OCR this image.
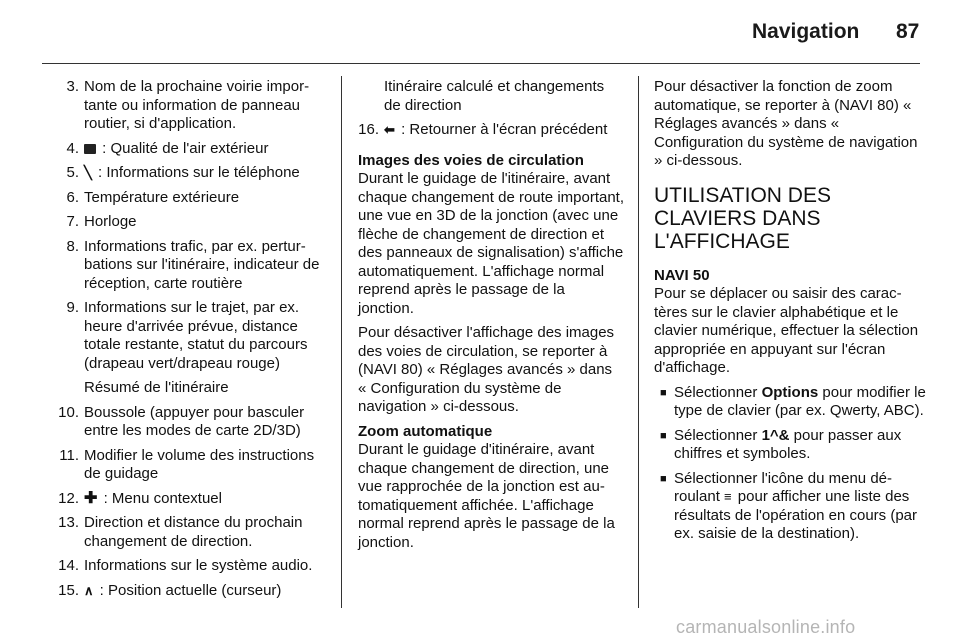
Navigation 87
3. Nom de la prochaine voirie importante ou information de panneau routier, si d'application.
4.	: Qualité de l'air extérieur
5. ╲ : Informations sur le téléphone
6. Température extérieure
7. Horloge
8. Informations trafic, par ex. perturbations sur l'itinéraire, indicateur de réception, carte routière
9. Informations sur le trajet, par ex. heure d'arrivée prévue, distance totale restante, statut du parcours (drapeau vert/drapeau rouge)
Résumé de l'itinéraire
10. Boussole (appuyer pour basculer entre les modes de carte 2D/3D)
11. Modifier le volume des instructions de guidage
12. ✚ : Menu contextuel
13. Direction et distance du prochain changement de direction.
14. Informations sur le système audio.
15. ∧ : Position actuelle (curseur)
Itinéraire calculé et changements de direction
16. ⬅ : Retourner à l'écran précédent
Images des voies de circulation

Durant le guidage de l'itinéraire, avant chaque changement de route important, une vue en 3D de la jonction (avec une flèche de changement de direction et des panneaux de signalisation) s'affiche automatiquement. L'affichage normal reprend après le passage de la jonction.

Pour désactiver l'affichage des images des voies de circulation, se reporter à (NAVI 80) « Réglages avancés » dans « Configuration du système de navigation » ci-dessous.

Zoom automatique

Durant le guidage d'itinéraire, avant chaque changement de direction, une vue rapprochée de la jonction est automatiquement affichée. L'affichage normal reprend après le passage de la jonction.

Pour désactiver la fonction de zoom automatique, se reporter à (NAVI 80) « Réglages avancés » dans « Configuration du système de navigation » ci-dessous.

UTILISATION DES CLAVIERS DANS L'AFFICHAGE
NAVI 50

Pour se déplacer ou saisir des caractères sur le clavier alphabétique et le clavier numérique, effectuer la sélection appropriée en appuyant sur l'écran d'affichage.

■ Sélectionner Options pour modifier le type de clavier (par ex. Qwerty, ABC).
■ Sélectionner 1^& pour passer aux chiffres et symboles.
■ Sélectionner l'icône du menu déroulant ≡ pour afficher une liste des résultats de l'opération en cours (par ex. saisie de la destination).
carmanualsonline.info
